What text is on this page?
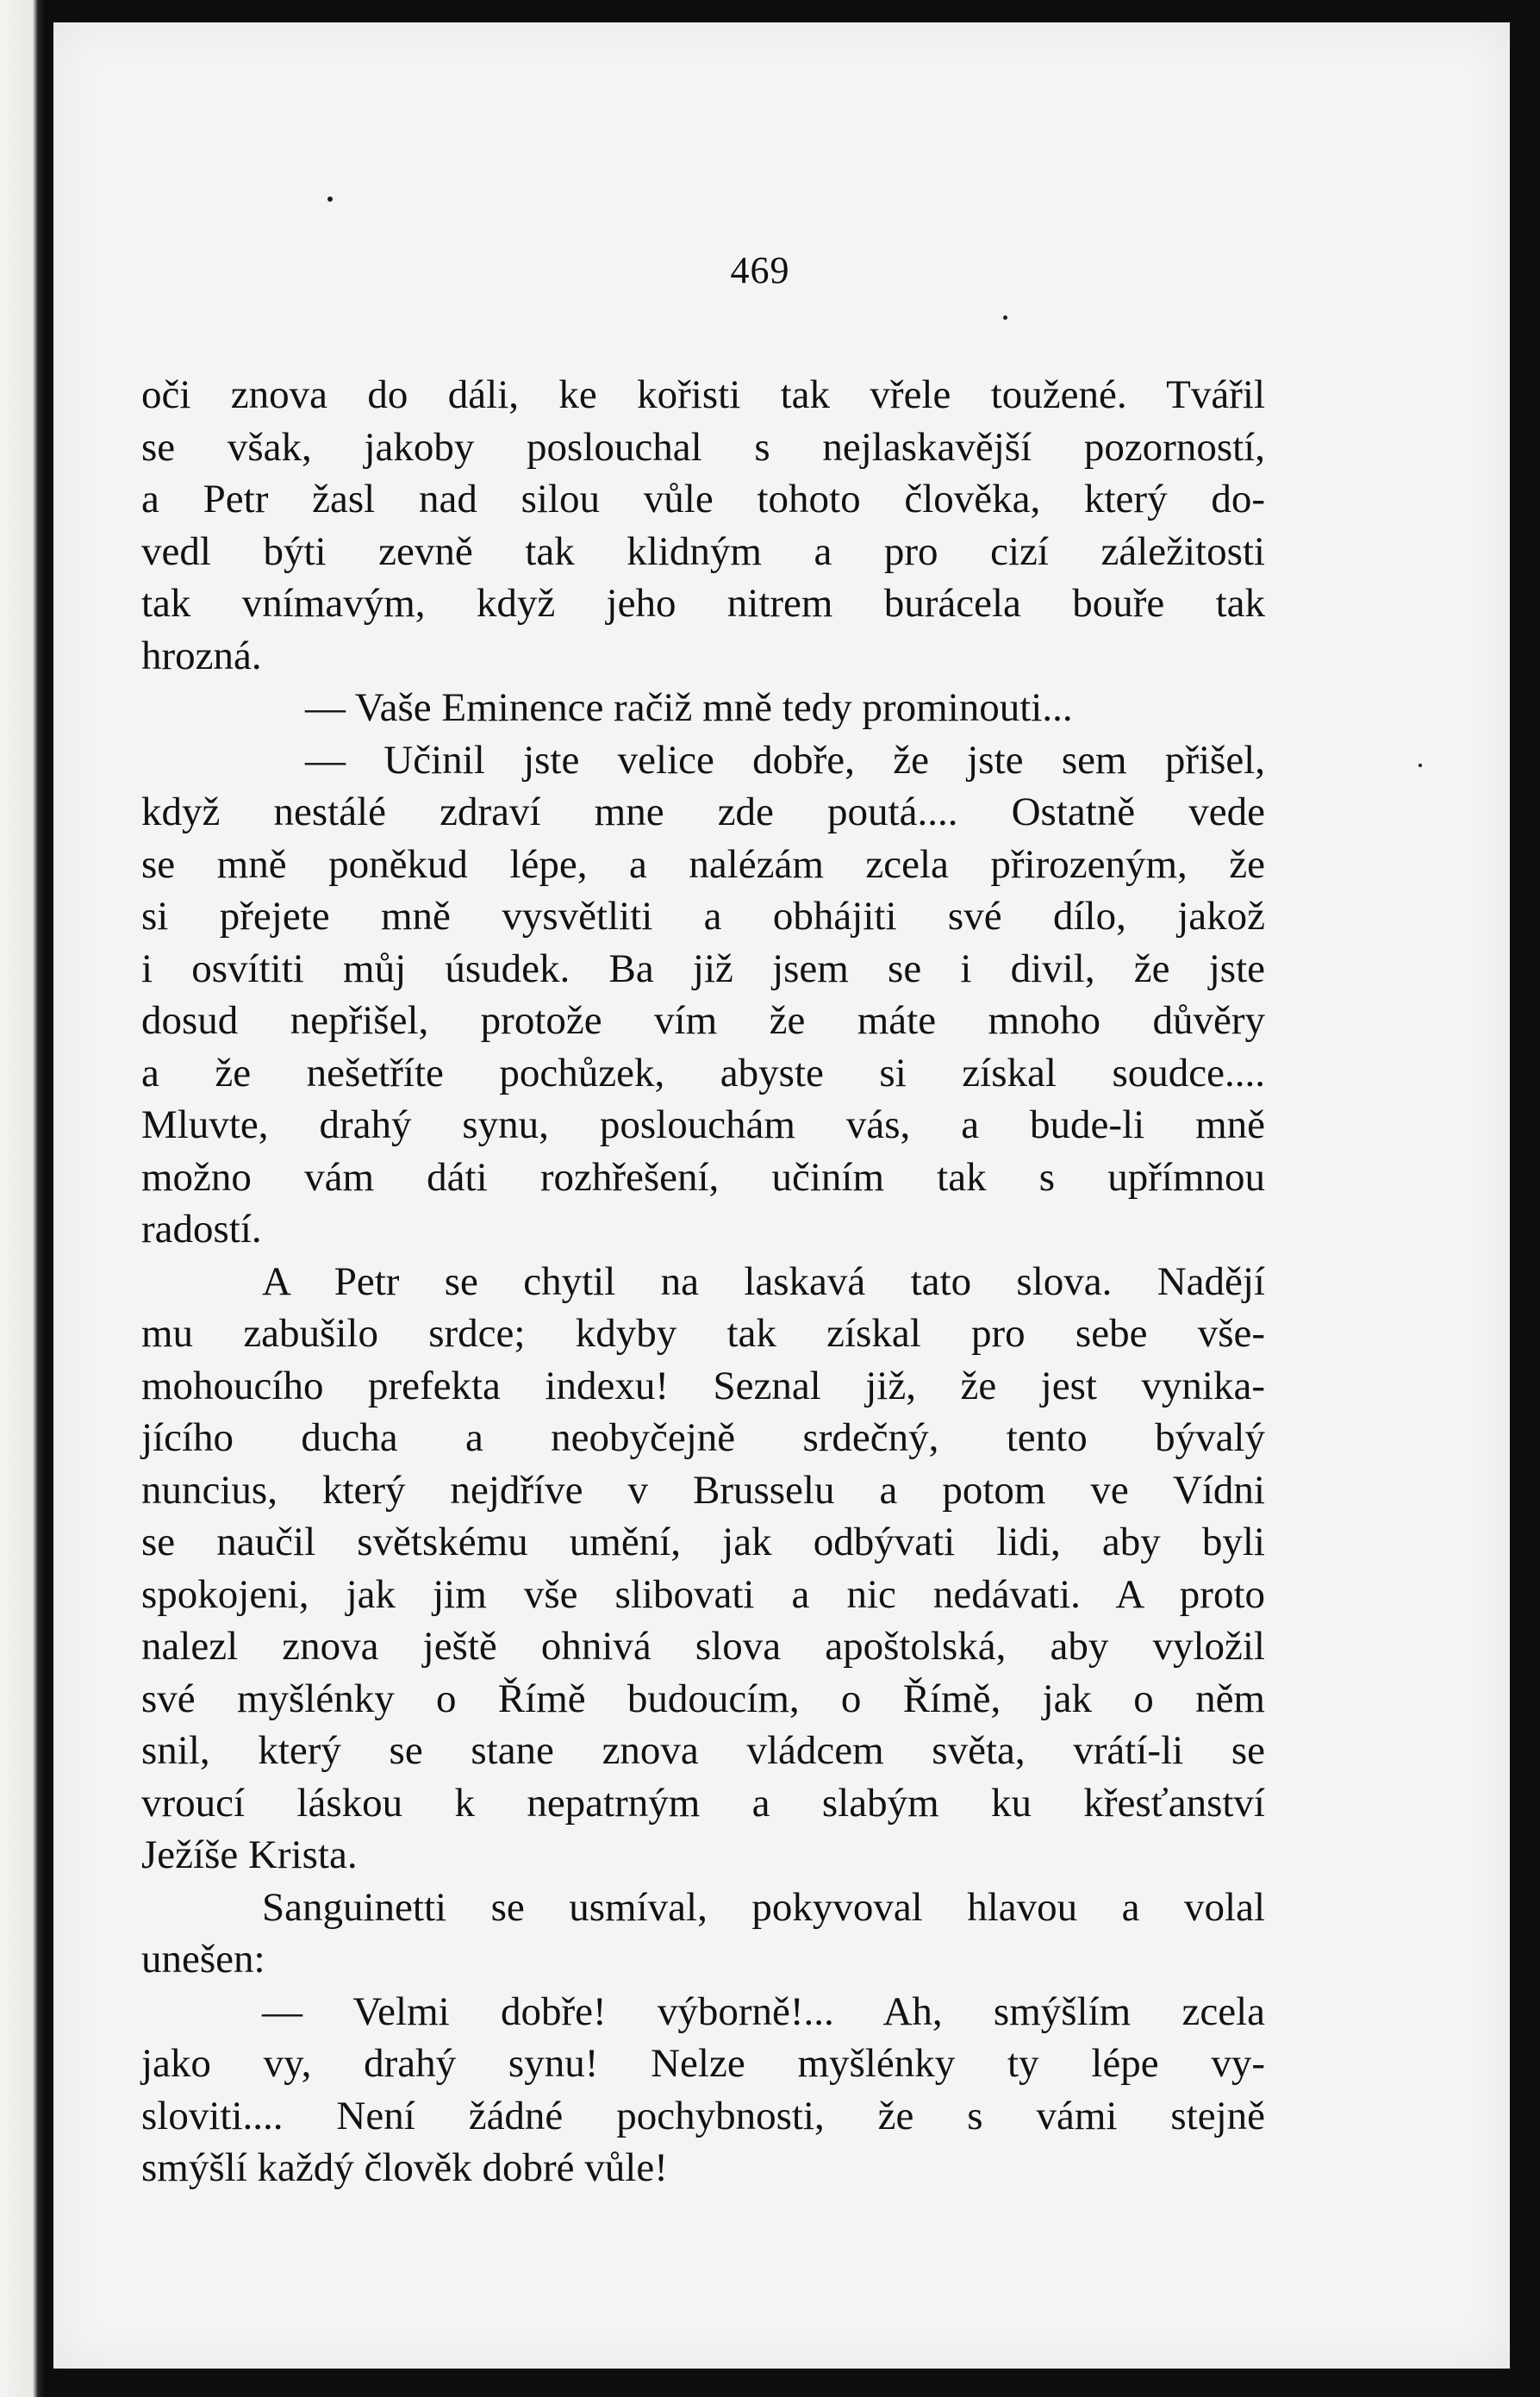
469
oči znova do dáli, ke kořisti tak vřele toužené. Tvářil
se však, jakoby poslouchal s nejlaskavější pozorností,
a Petr žasl nad silou vůle tohoto člověka, který do-
vedl býti zevně tak klidným a pro cizí záležitosti
tak vnímavým, když jeho nitrem burácela bouře tak
hrozná.
— Vaše Eminence račiž mně tedy prominouti...
— Učinil jste velice dobře, že jste sem přišel,
když nestálé zdraví mne zde poutá.... Ostatně vede
se mně poněkud lépe, a nalézám zcela přirozeným, že
si přejete mně vysvětliti a obhájiti své dílo, jakož
i osvítiti můj úsudek. Ba již jsem se i divil, že jste
dosud nepřišel, protože vím že máte mnoho důvěry
a že nešetříte pochůzek, abyste si získal soudce....
Mluvte, drahý synu, poslouchám vás, a bude-li mně
možno vám dáti rozhřešení, učiním tak s upřímnou
radostí.
A Petr se chytil na laskavá tato slova. Nadějí
mu zabušilo srdce; kdyby tak získal pro sebe vše-
mohoucího prefekta indexu! Seznal již, že jest vynika-
jícího ducha a neobyčejně srdečný, tento bývalý
nuncius, který nejdříve v Brusselu a potom ve Vídni
se naučil světskému umění, jak odbývati lidi, aby byli
spokojeni, jak jim vše slibovati a nic nedávati. A proto
nalezl znova ještě ohnivá slova apoštolská, aby vyložil
své myšlénky o Římě budoucím, o Římě, jak o něm
snil, který se stane znova vládcem světa, vrátí-li se
vroucí láskou k nepatrným a slabým ku křesťanství
Ježíše Krista.
Sanguinetti se usmíval, pokyvoval hlavou a volal
unešen:
— Velmi dobře! výborně!... Ah, smýšlím zcela
jako vy, drahý synu! Nelze myšlénky ty lépe vy-
sloviti.... Není žádné pochybnosti, že s vámi stejně
smýšlí každý člověk dobré vůle!
